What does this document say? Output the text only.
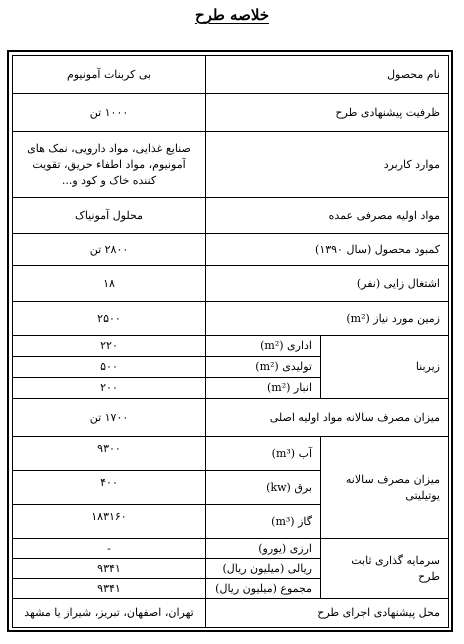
خلاصه طرح
نام محصول		بی کربنات آمونیوم
ظرفیت پیشنهادی طرح		۱۰۰۰ تن
موارد کاربرد		صنایع غذایی، مواد دارویی، نمک های آمونیوم، مواد اطفاء حریق، تقویت کننده خاک و کود و...
مواد اولیه مصرفی عمده		محلول آمونیاک
کمبود محصول (سال ۱۳۹۰)		۲۸۰۰ تن
اشتغال زایی (نفر)		۱۸
زمین مورد نیاز (m²)		۲۵۰۰
زیربنا	اداری (m²)	۲۲۰
	تولیدی (m²)	۵۰۰
	انبار (m²)	۲۰۰
میزان مصرف سالانه مواد اولیه اصلی		۱۷۰۰ تن
میزان مصرف سالانه یوتیلیتی	آب (m³)	۹۳۰۰
	برق (kw)	۴۰۰
	گاز (m³)	۱۸۳۱۶۰
سرمایه گذاری ثابت طرح	ارزی (یورو)	-
	ریالی (میلیون ریال)	۹۳۴۱
	مجموع (میلیون ریال)	۹۳۴۱
محل پیشنهادی اجرای طرح		تهران، اصفهان، تبریز، شیراز یا مشهد
